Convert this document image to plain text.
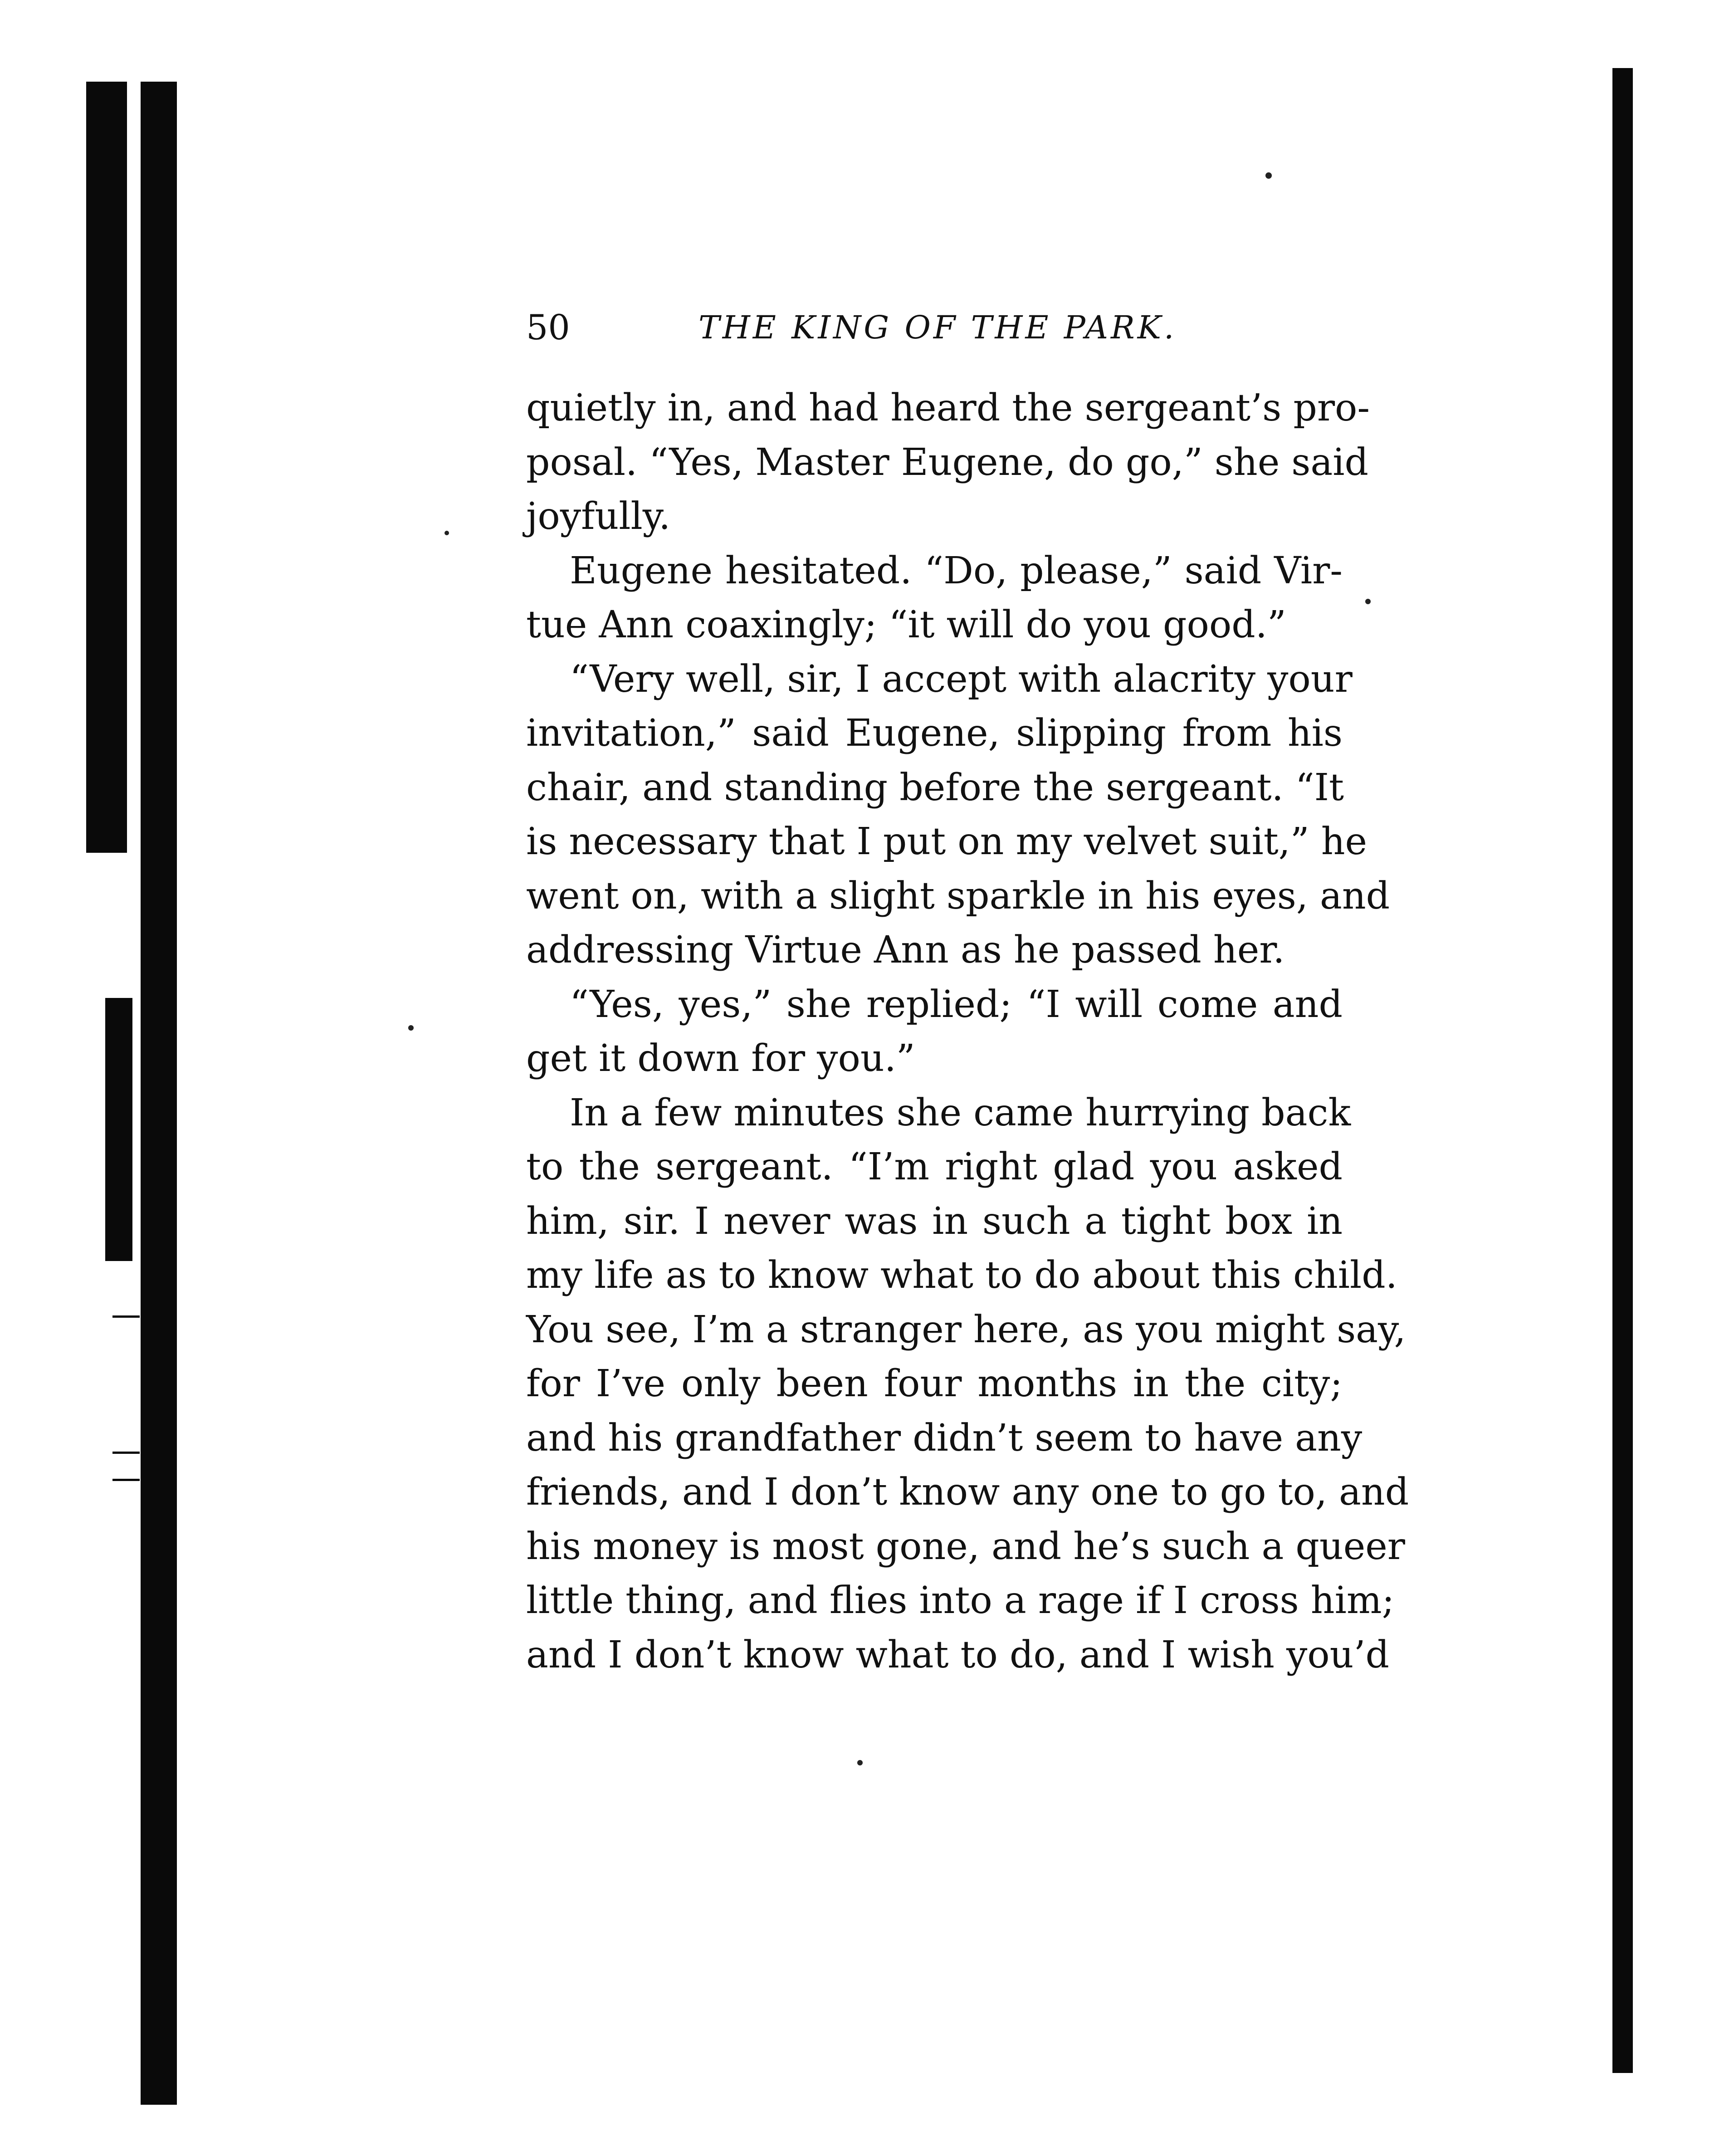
50	THE KING OF THE PARK.
quietly in, and had heard the sergeant’s pro-
posal. “Yes, Master Eugene, do go,” she said
joyfully.
Eugene hesitated. “Do, please,” said Vir-
tue Ann coaxingly; “it will do you good.”
“Very well, sir, I accept with alacrity your
invitation,” said Eugene, slipping from his
chair, and standing before the sergeant. “It
is necessary that I put on my velvet suit,” he
went on, with a slight sparkle in his eyes, and
addressing Virtue Ann as he passed her.
“Yes, yes,” she replied; “I will come and
get it down for you.”
In a few minutes she came hurrying back
to the sergeant. “I’m right glad you asked
him, sir. I never was in such a tight box in
my life as to know what to do about this child.
You see, I’m a stranger here, as you might say,
for I’ve only been four months in the city;
and his grandfather didn’t seem to have any
friends, and I don’t know any one to go to, and
his money is most gone, and he’s such a queer
little thing, and flies into a rage if I cross him;
and I don’t know what to do, and I wish you’d
